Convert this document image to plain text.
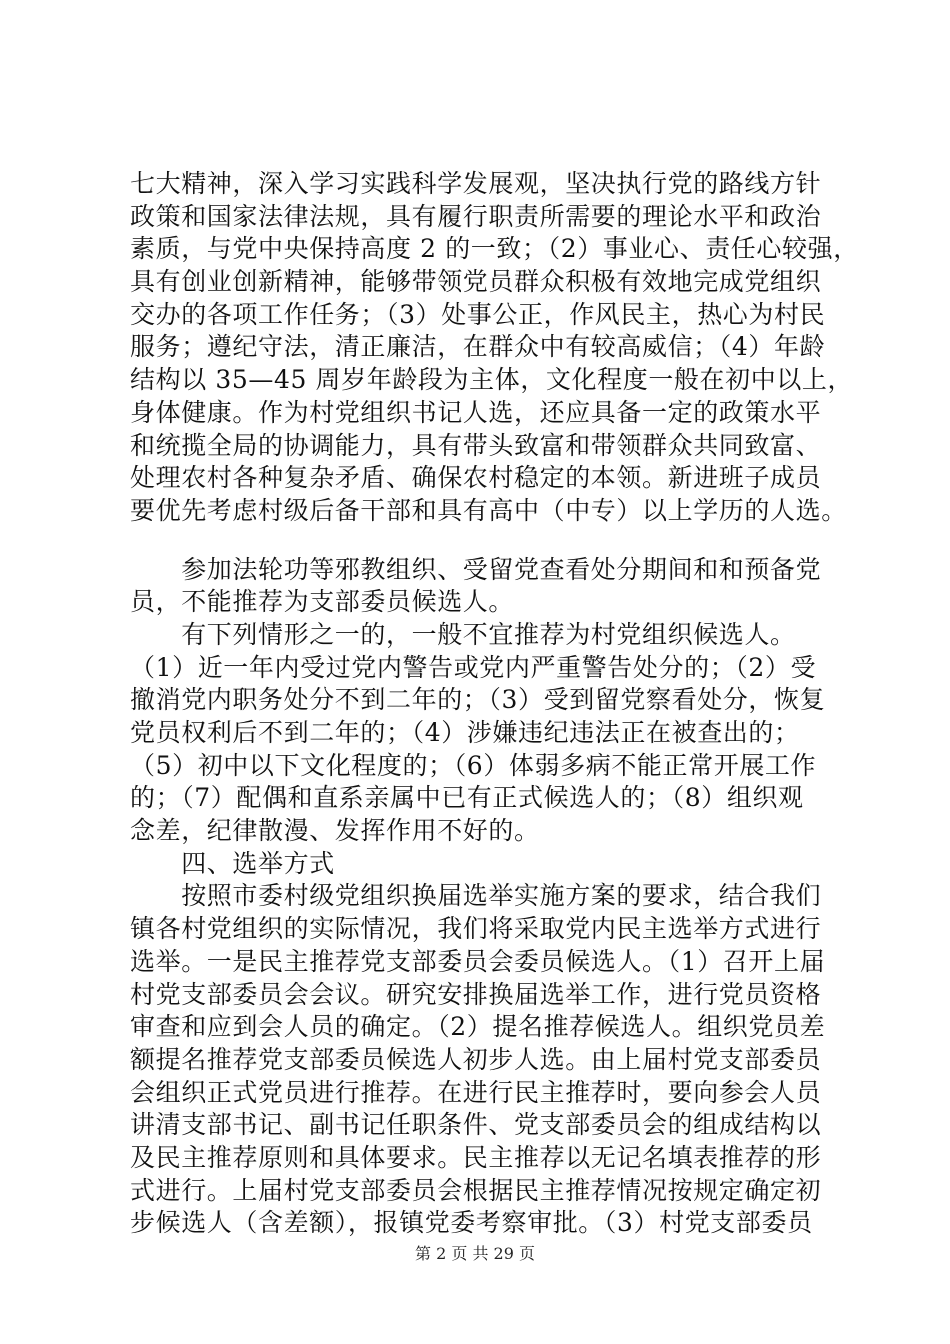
七大精神，深入学习实践科学发展观，坚决执行党的路线方针
政策和国家法律法规，具有履行职责所需要的理论水平和政治
素质，与党中央保持高度 2 的一致；（2）事业心、责任心较强，
具有创业创新精神，能够带领党员群众积极有效地完成党组织
交办的各项工作任务；（3）处事公正，作风民主，热心为村民
服务；遵纪守法，清正廉洁，在群众中有较高威信；（4）年龄
结构以 35—45 周岁年龄段为主体，文化程度一般在初中以上，
身体健康。作为村党组织书记人选，还应具备一定的政策水平
和统揽全局的协调能力，具有带头致富和带领群众共同致富、
处理农村各种复杂矛盾、确保农村稳定的本领。新进班子成员
要优先考虑村级后备干部和具有高中（中专）以上学历的人选。
　　参加法轮功等邪教组织、受留党查看处分期间和和预备党
员，不能推荐为支部委员候选人。
　　有下列情形之一的，一般不宜推荐为村党组织候选人。
（1）近一年内受过党内警告或党内严重警告处分的；（2）受
撤消党内职务处分不到二年的；（3）受到留党察看处分，恢复
党员权利后不到二年的；（4）涉嫌违纪违法正在被查出的；
（5）初中以下文化程度的；（6）体弱多病不能正常开展工作
的；（7）配偶和直系亲属中已有正式候选人的；（8）组织观
念差，纪律散漫、发挥作用不好的。
　　四、选举方式
　　按照市委村级党组织换届选举实施方案的要求，结合我们
镇各村党组织的实际情况，我们将采取党内民主选举方式进行
选举。一是民主推荐党支部委员会委员候选人。（1）召开上届
村党支部委员会会议。研究安排换届选举工作，进行党员资格
审查和应到会人员的确定。（2）提名推荐候选人。组织党员差
额提名推荐党支部委员候选人初步人选。由上届村党支部委员
会组织正式党员进行推荐。在进行民主推荐时，要向参会人员
讲清支部书记、副书记任职条件、党支部委员会的组成结构以
及民主推荐原则和具体要求。民主推荐以无记名填表推荐的形
式进行。上届村党支部委员会根据民主推荐情况按规定确定初
步候选人（含差额），报镇党委考察审批。（3）村党支部委员
第 2 页 共 29 页
